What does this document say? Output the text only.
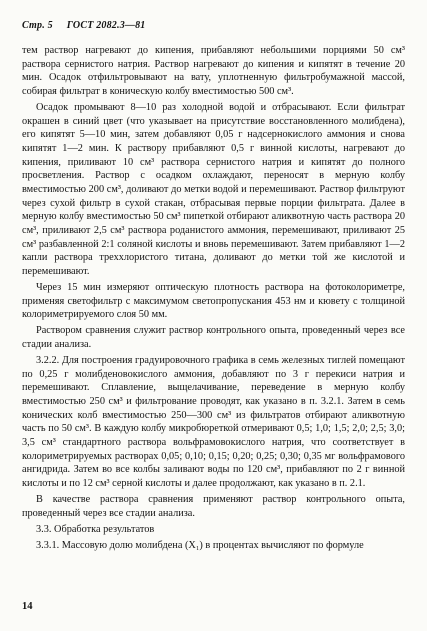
Стр. 5 ГОСТ 2082.3—81

тем раствор нагревают до кипения, прибавляют небольшими порциями 50 см³ раствора сернистого натрия. Раствор нагревают до кипения и кипятят в течение 20 мин. Осадок отфильтровывают на вату, уплотненную фильтробумажной массой, собирая фильтрат в коническую колбу вместимостью 500 см³.

Осадок промывают 8—10 раз холодной водой и отбрасывают. Если фильтрат окрашен в синий цвет (что указывает на присутствие восстановленного молибдена), его кипятят 5—10 мин, затем добавляют 0,05 г надсернокислого аммония и снова кипятят 1—2 мин. К раствору прибавляют 0,5 г винной кислоты, нагревают до кипения, приливают 10 см³ раствора сернистого натрия и кипятят до полного просветления. Раствор с осадком охлаждают, переносят в мерную колбу вместимостью 200 см³, доливают до метки водой и перемешивают. Раствор фильтруют через сухой фильтр в сухой стакан, отбрасывая первые порции фильтрата. Далее в мерную колбу вместимостью 50 см³ пипеткой отбирают аликвотную часть раствора 20 см³, приливают 2,5 см³ раствора роданистого аммония, перемешивают, приливают 25 см³ разбавленной 2:1 соляной кислоты и вновь перемешивают. Затем прибавляют 1—2 капли раствора треххлористого титана, доливают до метки той же кислотой и перемешивают.

Через 15 мин измеряют оптическую плотность раствора на фотоколориметре, применяя светофильтр с максимумом светопропускания 453 нм и кювету с толщиной колориметрируемого слоя 50 мм.

Раствором сравнения служит раствор контрольного опыта, проведенный через все стадии анализа.

3.2.2. Для построения градуировочного графика в семь железных тиглей помещают по 0,25 г молибденовокислого аммония, добавляют по 3 г перекиси натрия и перемешивают. Сплавление, выщелачивание, переведение в мерную колбу вместимостью 250 см³ и фильтрование проводят, как указано в п. 3.2.1. Затем в семь конических колб вместимостью 250—300 см³ из фильтратов отбирают аликвотную часть по 50 см³. В каждую колбу микробюреткой отмеривают 0,5; 1,0; 1,5; 2,0; 2,5; 3,0; 3,5 см³ стандартного раствора вольфрамовокислого натрия, что соответствует в колориметрируемых растворах 0,05; 0,10; 0,15; 0,20; 0,25; 0,30; 0,35 мг вольфрамового ангидрида. Затем во все колбы заливают воды по 120 см³, прибавляют по 2 г винной кислоты и по 12 см³ серной кислоты и далее продолжают, как указано в п. 2.1.

В качестве раствора сравнения применяют раствор контрольного опыта, проведенный через все стадии анализа.

3.3. Обработка результатов

3.3.1. Массовую долю молибдена (X₁) в процентах вычисляют по формуле

14
